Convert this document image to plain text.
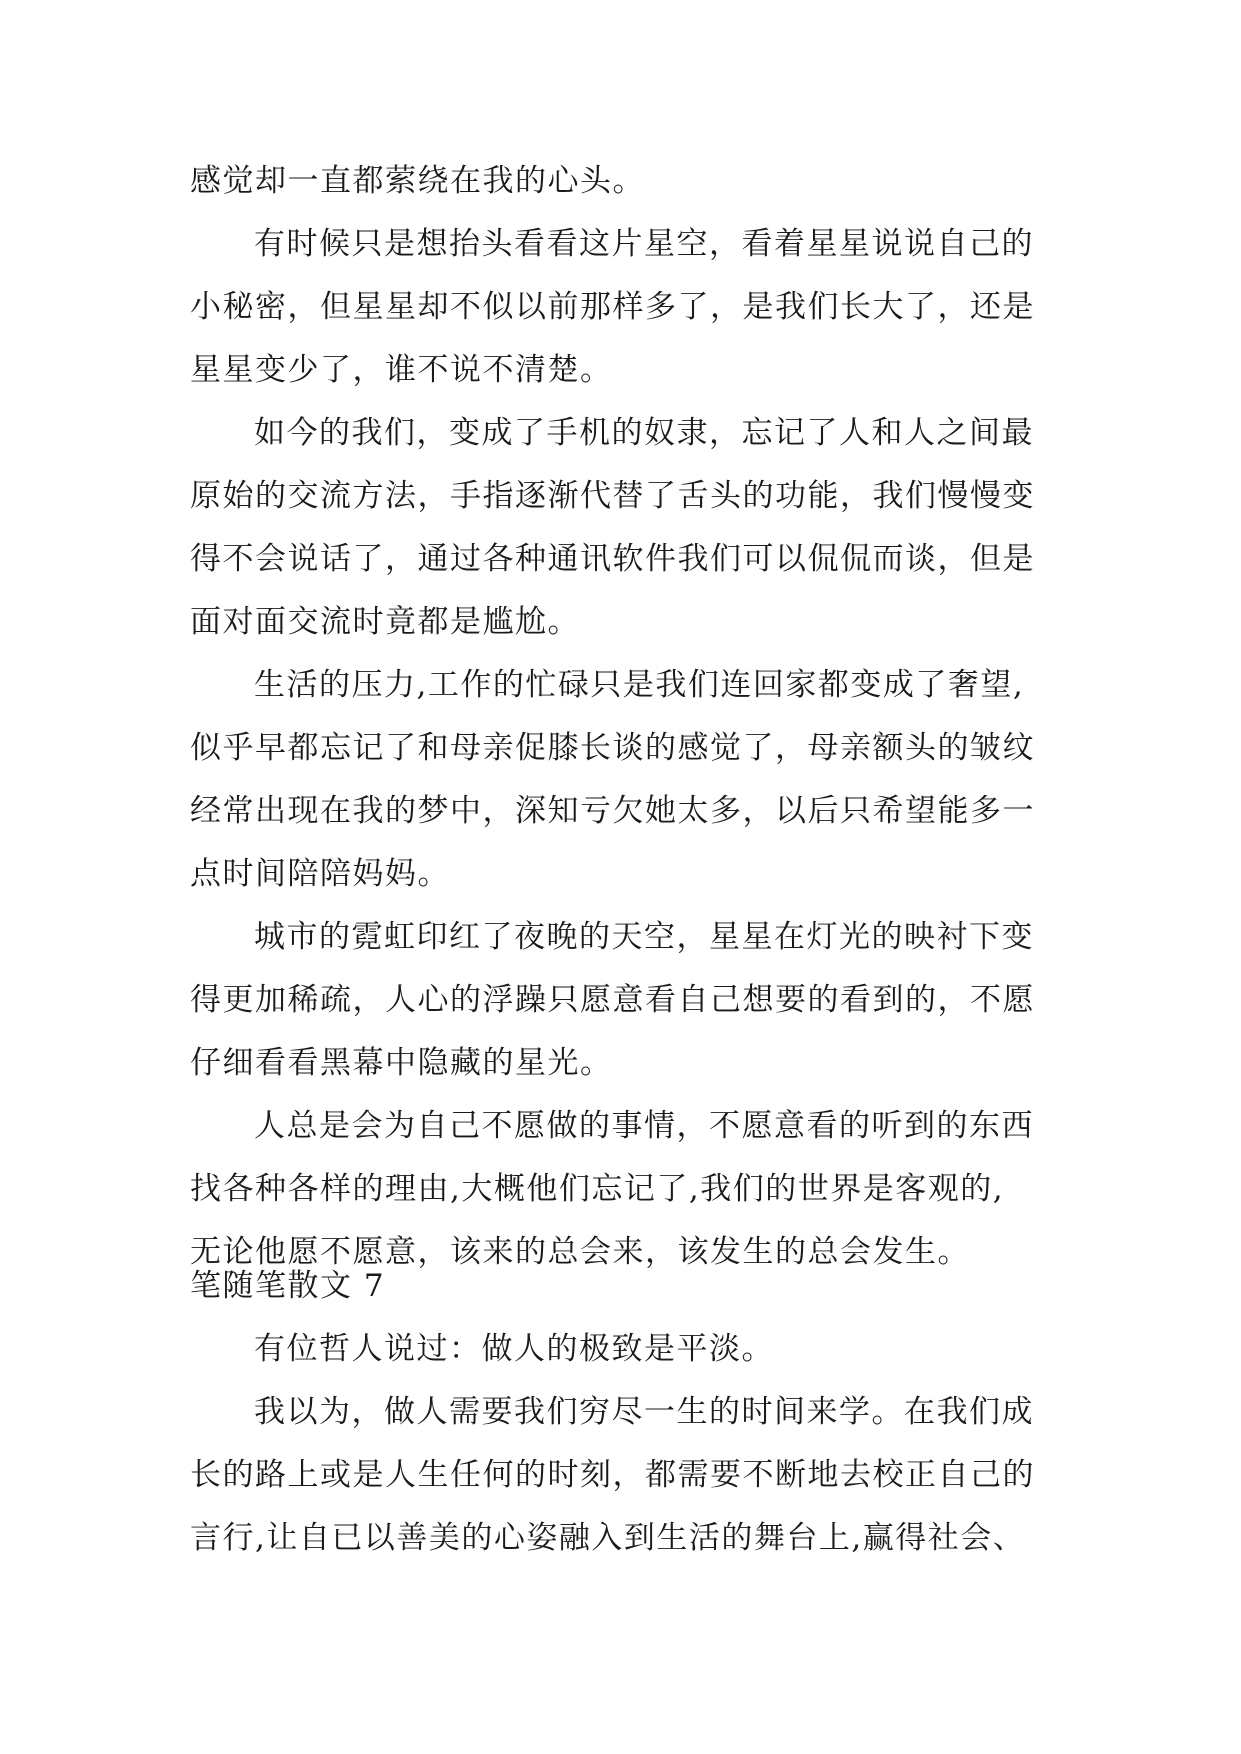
感觉却一直都萦绕在我的心头。
有时候只是想抬头看看这片星空，看着星星说说自己的
小秘密，但星星却不似以前那样多了，是我们长大了，还是
星星变少了，谁不说不清楚。
如今的我们，变成了手机的奴隶，忘记了人和人之间最
原始的交流方法，手指逐渐代替了舌头的功能，我们慢慢变
得不会说话了，通过各种通讯软件我们可以侃侃而谈，但是
面对面交流时竟都是尴尬。
生活的压力,工作的忙碌只是我们连回家都变成了奢望,
似乎早都忘记了和母亲促膝长谈的感觉了，母亲额头的皱纹
经常出现在我的梦中，深知亏欠她太多，以后只希望能多一
点时间陪陪妈妈。
城市的霓虹印红了夜晚的天空，星星在灯光的映衬下变
得更加稀疏，人心的浮躁只愿意看自己想要的看到的，不愿
仔细看看黑幕中隐藏的星光。
人总是会为自己不愿做的事情，不愿意看的听到的东西
找各种各样的理由,大概他们忘记了,我们的世界是客观的,
无论他愿不愿意，该来的总会来，该发生的总会发生。
笔随笔散文 7
有位哲人说过：做人的极致是平淡。
我以为，做人需要我们穷尽一生的时间来学。在我们成
长的路上或是人生任何的时刻，都需要不断地去校正自己的
言行,让自已以善美的心姿融入到生活的舞台上,赢得社会、
